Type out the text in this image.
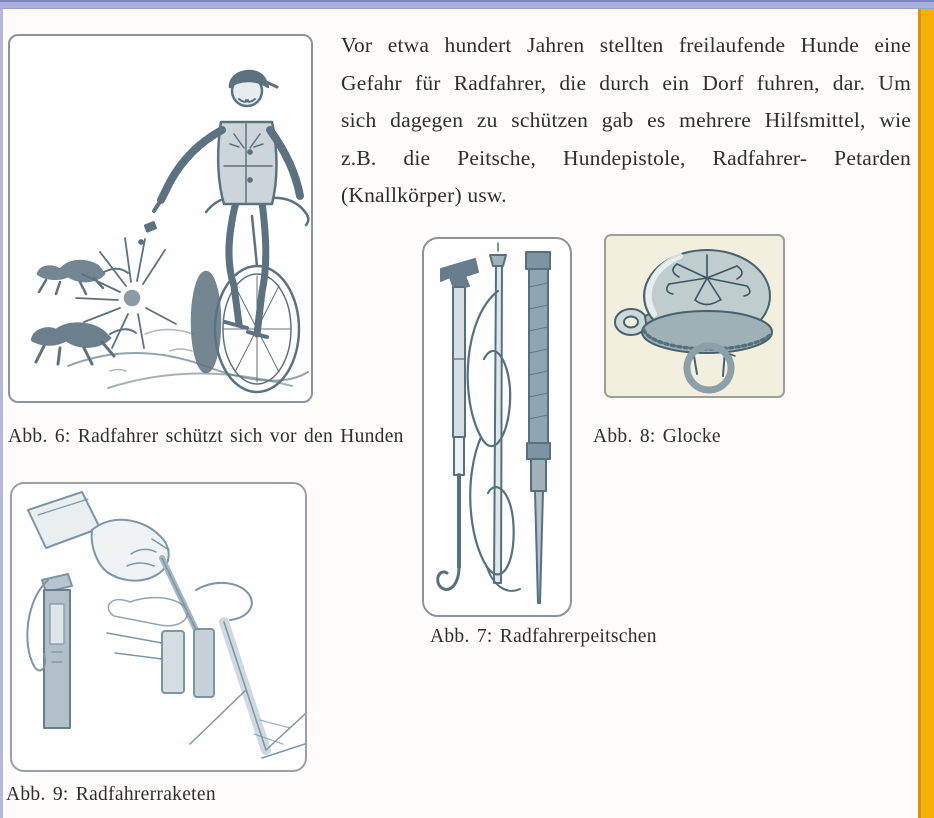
Vor etwa hundert Jahren stellten freilaufende Hunde eine
Gefahr für Radfahrer, die durch ein Dorf fuhren, dar. Um
sich dagegen zu schützen gab es mehrere Hilfsmittel, wie
z.B. die Peitsche, Hundepistole, Radfahrer- Petarden
(Knallkörper) usw.
Abb. 6: Radfahrer schützt sich vor den Hunden
Abb. 7: Radfahrerpeitschen
Abb. 8: Glocke
Abb. 9: Radfahrerraketen
